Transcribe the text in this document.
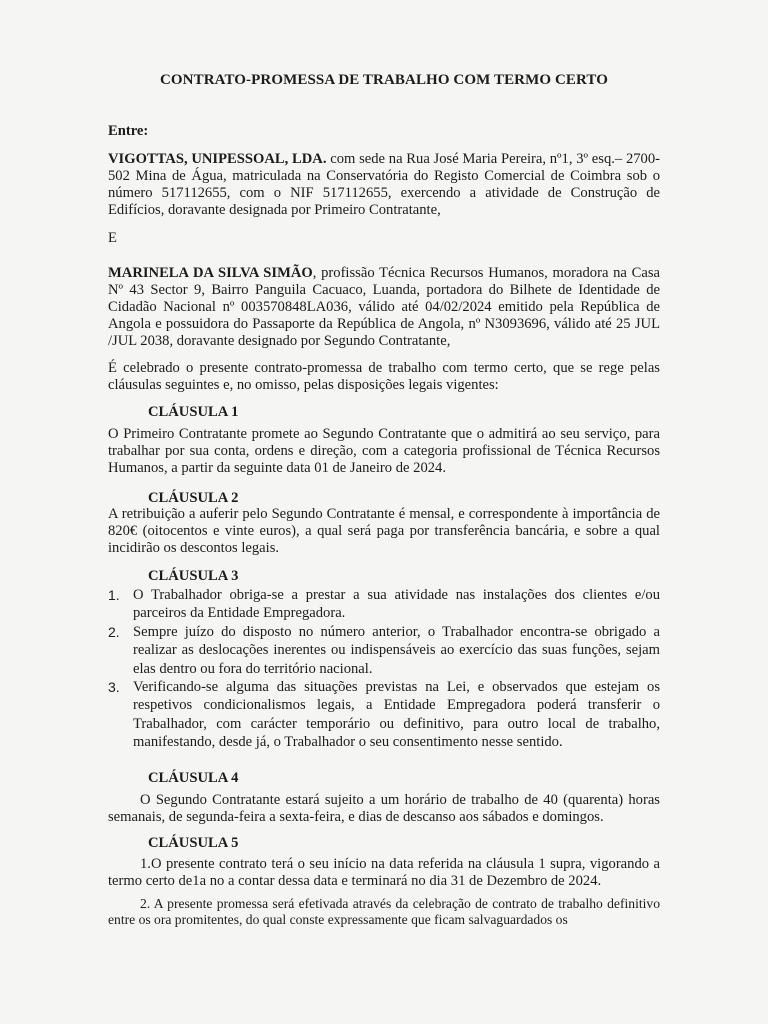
CONTRATO-PROMESSA DE TRABALHO COM TERMO CERTO
Entre:
VIGOTTAS, UNIPESSOAL, LDA. com sede na Rua José Maria Pereira, nº1, 3º esq.– 2700-502 Mina de Água, matriculada na Conservatória do Registo Comercial de Coimbra sob o número 517112655, com o NIF 517112655, exercendo a atividade de Construção de Edifícios, doravante designada por Primeiro Contratante,
E
MARINELA DA SILVA SIMÃO, profissão Técnica Recursos Humanos, moradora na Casa Nº 43 Sector 9, Bairro Panguila Cacuaco, Luanda, portadora do Bilhete de Identidade de Cidadão Nacional nº 003570848LA036, válido até 04/02/2024 emitido pela República de Angola e possuidora do Passaporte da República de Angola, nº N3093696, válido até 25 JUL /JUL 2038, doravante designado por Segundo Contratante,
É celebrado o presente contrato-promessa de trabalho com termo certo, que se rege pelas cláusulas seguintes e, no omisso, pelas disposições legais vigentes:
CLÁUSULA 1
O Primeiro Contratante promete ao Segundo Contratante que o admitirá ao seu serviço, para trabalhar por sua conta, ordens e direção, com a categoria profissional de Técnica Recursos Humanos, a partir da seguinte data 01 de Janeiro de 2024.
CLÁUSULA 2
A retribuição a auferir pelo Segundo Contratante é mensal, e correspondente à importância de 820€ (oitocentos e vinte euros), a qual será paga por transferência bancária, e sobre a qual incidirão os descontos legais.
CLÁUSULA 3
1. O Trabalhador obriga-se a prestar a sua atividade nas instalações dos clientes e/ou parceiros da Entidade Empregadora.
2. Sempre juízo do disposto no número anterior, o Trabalhador encontra-se obrigado a realizar as deslocações inerentes ou indispensáveis ao exercício das suas funções, sejam elas dentro ou fora do território nacional.
3. Verificando-se alguma das situações previstas na Lei, e observados que estejam os respetivos condicionalismos legais, a Entidade Empregadora poderá transferir o Trabalhador, com carácter temporário ou definitivo, para outro local de trabalho, manifestando, desde já, o Trabalhador o seu consentimento nesse sentido.
CLÁUSULA 4
O Segundo Contratante estará sujeito a um horário de trabalho de 40 (quarenta) horas semanais, de segunda-feira a sexta-feira, e dias de descanso aos sábados e domingos.
CLÁUSULA 5
1.O presente contrato terá o seu início na data referida na cláusula 1 supra, vigorando a termo certo de1a no a contar dessa data e terminará no dia 31 de Dezembro de 2024.
2. A presente promessa será efetivada através da celebração de contrato de trabalho definitivo entre os ora promitentes, do qual conste expressamente que ficam salvaguardados os
